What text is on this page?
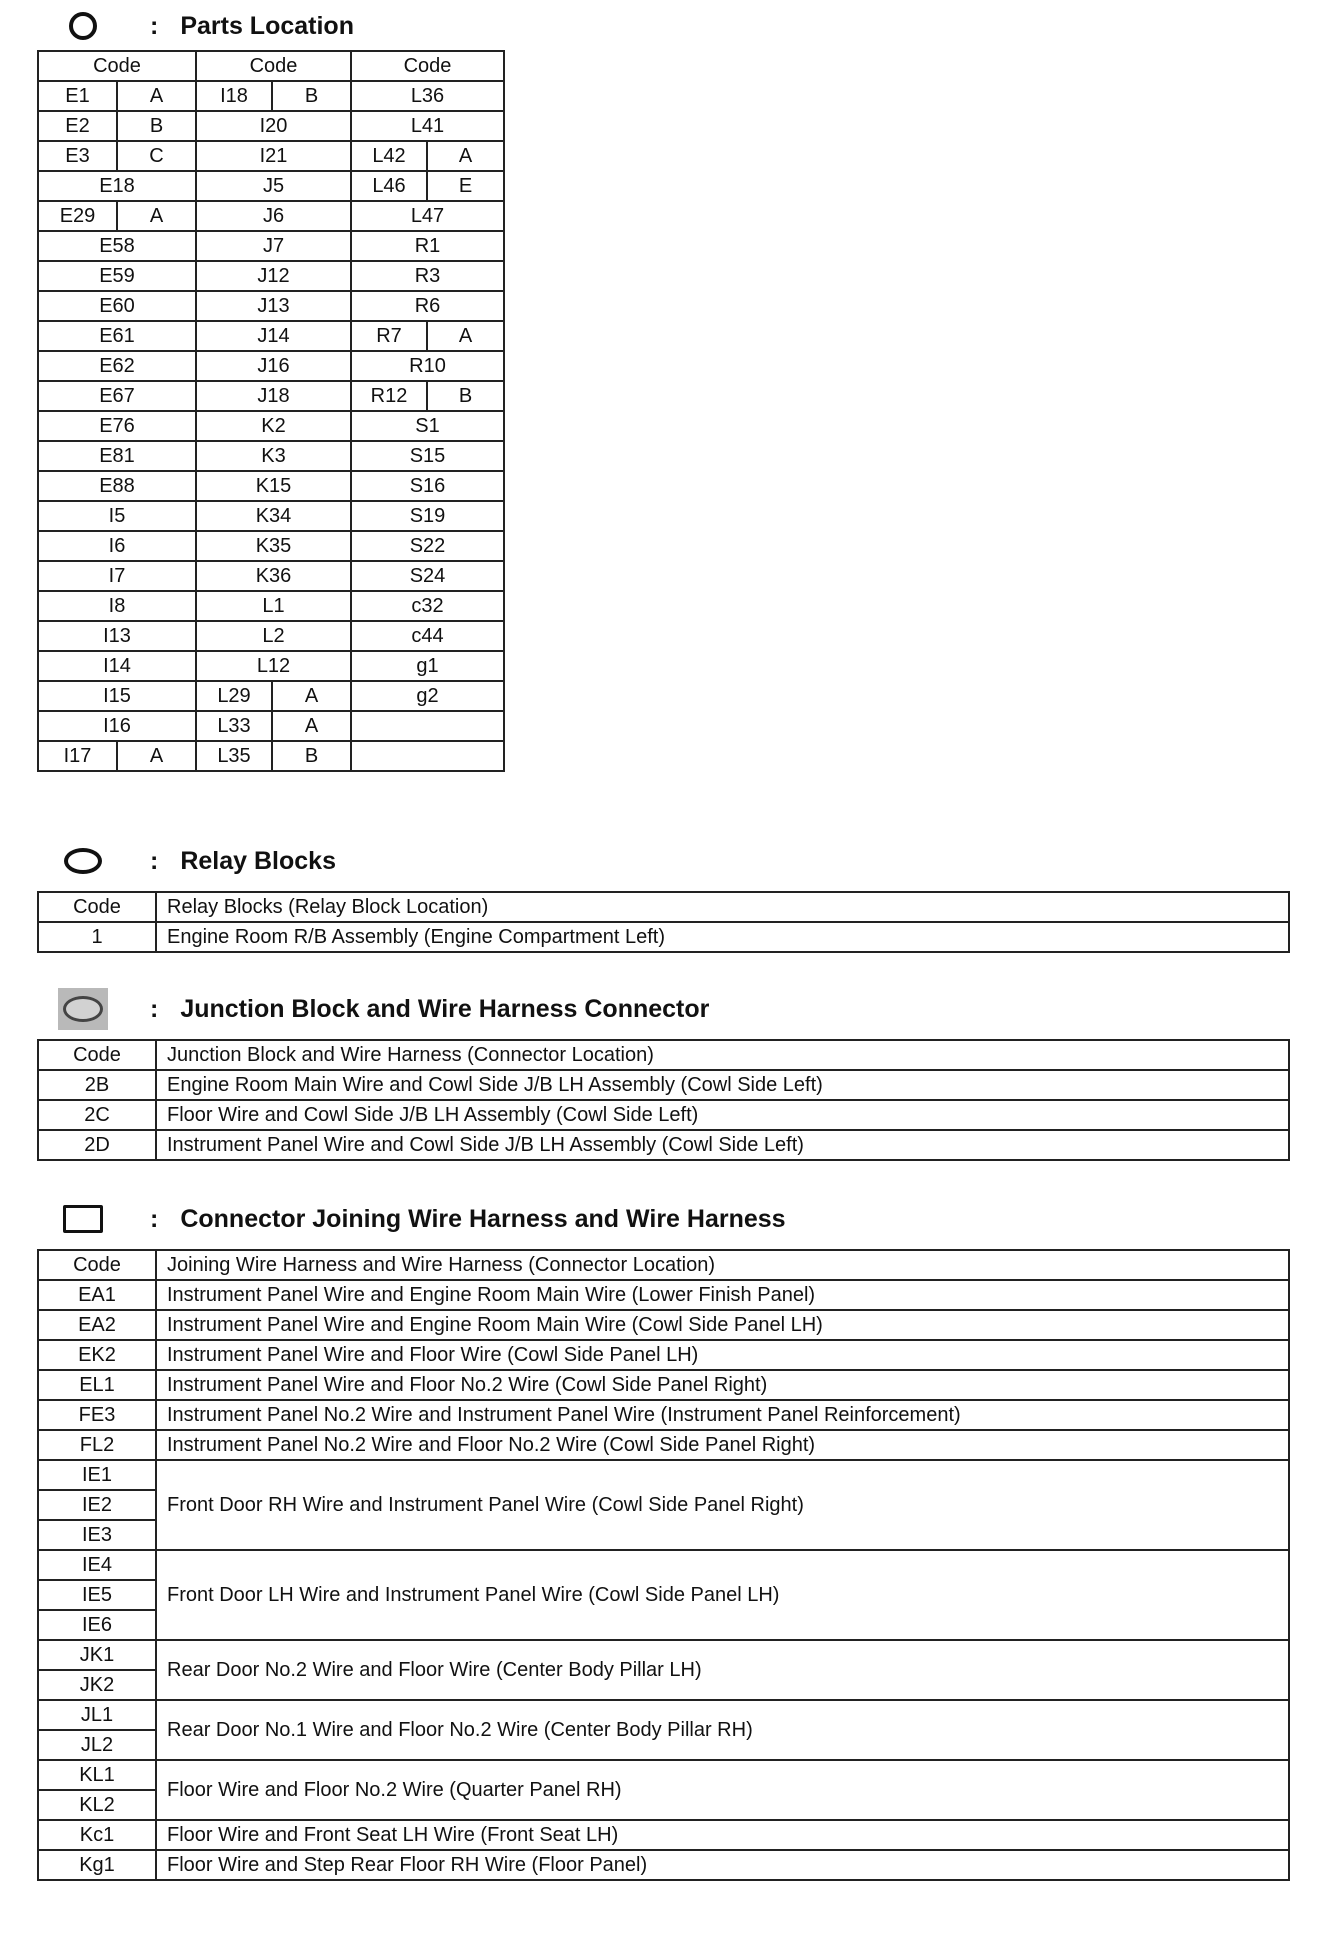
: Parts Location
Code		Code		Code	
E1	A	I18	B	L36	
E2	B	I20		L41	
E3	C	I21		L42	A
E18		J5		L46	E
E29	A	J6		L47	
E58		J7		R1	
E59		J12		R3	
E60		J13		R6	
E61		J14		R7	A
E62		J16		R10	
E67		J18		R12	B
E76		K2		S1	
E81		K3		S15	
E88		K15		S16	
I5		K34		S19	
I6		K35		S22	
I7		K36		S24	
I8		L1		c32	
I13		L2		c44	
I14		L12		g1	
I15		L29	A	g2	
I16		L33	A		
I17	A	L35	B		
: Relay Blocks
Code	Relay Blocks (Relay Block Location)
1	Engine Room R/B Assembly (Engine Compartment Left)
: Junction Block and Wire Harness Connector
Code	Junction Block and Wire Harness (Connector Location)
2B	Engine Room Main Wire and Cowl Side J/B LH Assembly (Cowl Side Left)
2C	Floor Wire and Cowl Side J/B LH Assembly (Cowl Side Left)
2D	Instrument Panel Wire and Cowl Side J/B LH Assembly (Cowl Side Left)
: Connector Joining Wire Harness and Wire Harness
Code	Joining Wire Harness and Wire Harness (Connector Location)
EA1	Instrument Panel Wire and Engine Room Main Wire (Lower Finish Panel)
EA2	Instrument Panel Wire and Engine Room Main Wire (Cowl Side Panel LH)
EK2	Instrument Panel Wire and Floor Wire (Cowl Side Panel LH)
EL1	Instrument Panel Wire and Floor No.2 Wire (Cowl Side Panel Right)
FE3	Instrument Panel No.2 Wire and Instrument Panel Wire (Instrument Panel Reinforcement)
FL2	Instrument Panel No.2 Wire and Floor No.2 Wire (Cowl Side Panel Right)
IE1	Front Door RH Wire and Instrument Panel Wire (Cowl Side Panel Right)
IE2	
IE3	
IE4	Front Door LH Wire and Instrument Panel Wire (Cowl Side Panel LH)
IE5	
IE6	
JK1	Rear Door No.2 Wire and Floor Wire (Center Body Pillar LH)
JK2	
JL1	Rear Door No.1 Wire and Floor No.2 Wire (Center Body Pillar RH)
JL2	
KL1	Floor Wire and Floor No.2 Wire (Quarter Panel RH)
KL2	
Kc1	Floor Wire and Front Seat LH Wire (Front Seat LH)
Kg1	Floor Wire and Step Rear Floor RH Wire (Floor Panel)
